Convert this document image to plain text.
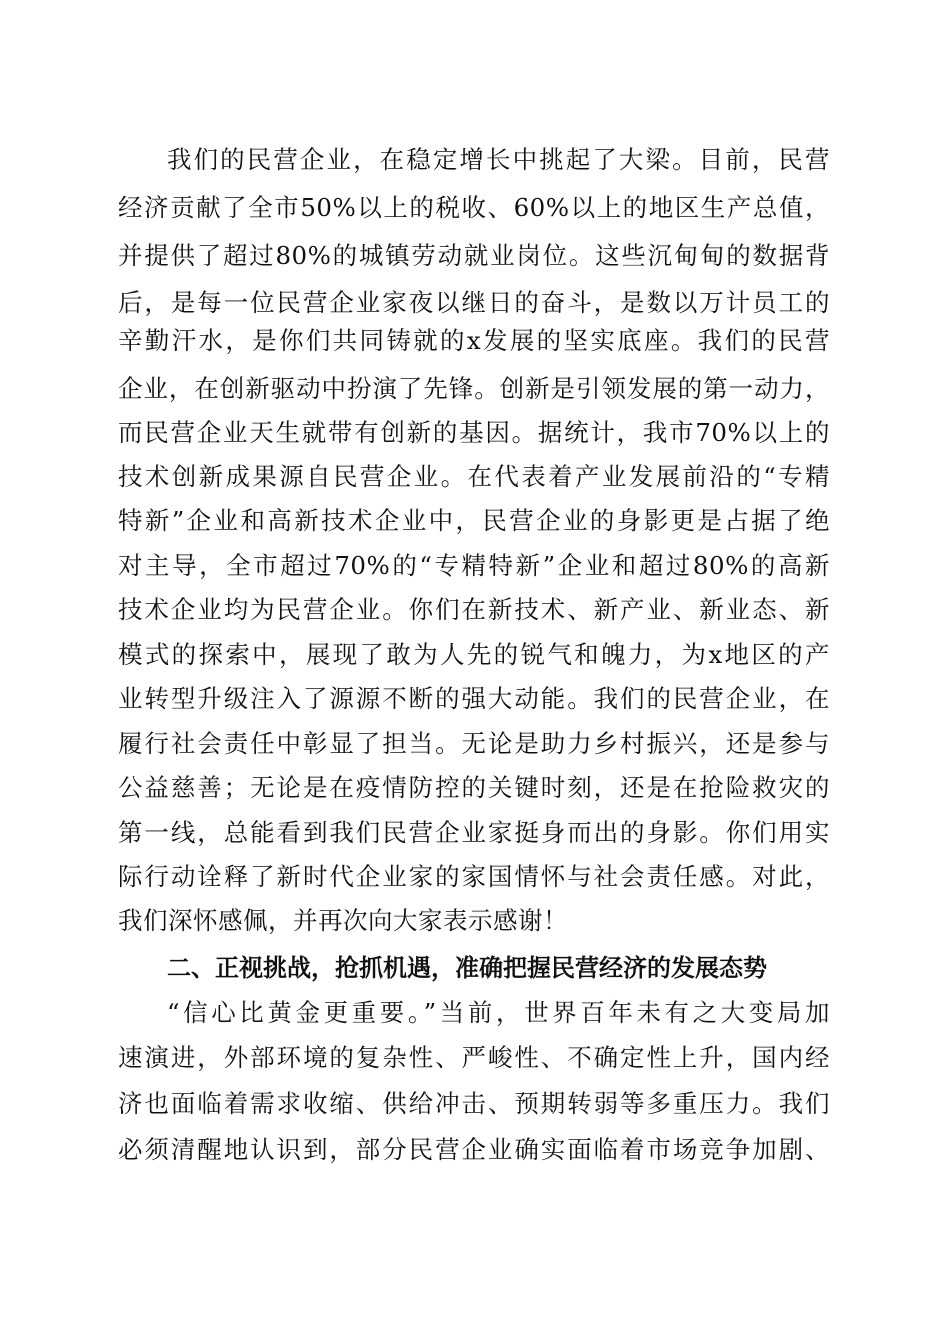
我们的民营企业，在稳定增长中挑起了大梁。目前，民营
经济贡献了全市50%以上的税收、60%以上的地区生产总值，
并提供了超过80%的城镇劳动就业岗位。这些沉甸甸的数据背
后，是每一位民营企业家夜以继日的奋斗，是数以万计员工的
辛勤汗水，是你们共同铸就的x发展的坚实底座。我们的民营
企业，在创新驱动中扮演了先锋。创新是引领发展的第一动力，
而民营企业天生就带有创新的基因。据统计，我市70%以上的
技术创新成果源自民营企业。在代表着产业发展前沿的“专精
特新”企业和高新技术企业中，民营企业的身影更是占据了绝
对主导，全市超过70%的“专精特新”企业和超过80%的高新
技术企业均为民营企业。你们在新技术、新产业、新业态、新
模式的探索中，展现了敢为人先的锐气和魄力，为x地区的产
业转型升级注入了源源不断的强大动能。我们的民营企业，在
履行社会责任中彰显了担当。无论是助力乡村振兴，还是参与
公益慈善；无论是在疫情防控的关键时刻，还是在抢险救灾的
第一线，总能看到我们民营企业家挺身而出的身影。你们用实
际行动诠释了新时代企业家的家国情怀与社会责任感。对此，
我们深怀感佩，并再次向大家表示感谢！
二、正视挑战，抢抓机遇，准确把握民营经济的发展态势
“信心比黄金更重要。”当前，世界百年未有之大变局加
速演进，外部环境的复杂性、严峻性、不确定性上升，国内经
济也面临着需求收缩、供给冲击、预期转弱等多重压力。我们
必须清醒地认识到，部分民营企业确实面临着市场竞争加剧、
